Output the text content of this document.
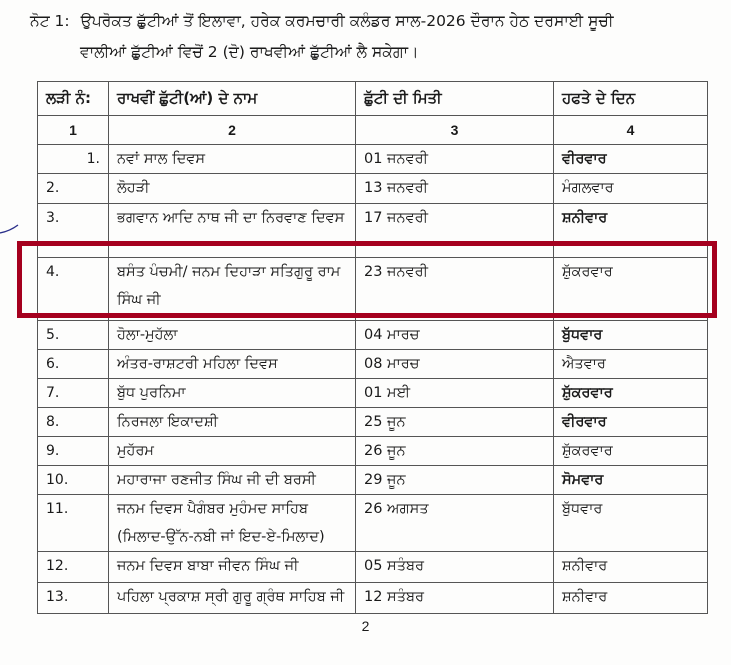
ਨੋਟ 1: ਉਪਰੋਕਤ ਛੁੱਟੀਆਂ ਤੋਂ ਇਲਾਵਾ, ਹਰੇਕ ਕਰਮਚਾਰੀ ਕਲੰਡਰ ਸਾਲ-2026 ਦੌਰਾਨ ਹੇਠ ਦਰਸਾਈ ਸੂਚੀ
ਵਾਲੀਆਂ ਛੁੱਟੀਆਂ ਵਿਚੋਂ 2 (ਦੋ) ਰਾਖਵੀਆਂ ਛੁੱਟੀਆਂ ਲੈ ਸਕੇਗਾ।
ਲੜੀ ਨੰ:	ਰਾਖਵੀਂ ਛੁੱਟੀ(ਆਂ) ਦੇ ਨਾਮ	ਛੁੱਟੀ ਦੀ ਮਿਤੀ	ਹਫਤੇ ਦੇ ਦਿਨ
1	2	3	4
1.	ਨਵਾਂ ਸਾਲ ਦਿਵਸ	01 ਜਨਵਰੀ	ਵੀਰਵਾਰ
2.	ਲੋਹੜੀ	13 ਜਨਵਰੀ	ਮੰਗਲਵਾਰ
3.	ਭਗਵਾਨ ਆਦਿ ਨਾਥ ਜੀ ਦਾ ਨਿਰਵਾਣ ਦਿਵਸ	17 ਜਨਵਰੀ	ਸ਼ਨੀਵਾਰ
4.	ਬਸੰਤ ਪੰਚਮੀ/ ਜਨਮ ਦਿਹਾੜਾ ਸਤਿਗੁਰੂ ਰਾਮ ਸਿੰਘ ਜੀ	23 ਜਨਵਰੀ	ਸ਼ੁੱਕਰਵਾਰ
5.	ਹੋਲਾ-ਮੁਹੱਲਾ	04 ਮਾਰਚ	ਬੁੱਧਵਾਰ
6.	ਅੰਤਰ-ਰਾਸ਼ਟਰੀ ਮਹਿਲਾ ਦਿਵਸ	08 ਮਾਰਚ	ਐਤਵਾਰ
7.	ਬੁੱਧ ਪੁਰਨਿਮਾ	01 ਮਈ	ਸ਼ੁੱਕਰਵਾਰ
8.	ਨਿਰਜਲਾ ਇਕਾਦਸ਼ੀ	25 ਜੂਨ	ਵੀਰਵਾਰ
9.	ਮੁਹੱਰਮ	26 ਜੂਨ	ਸ਼ੁੱਕਰਵਾਰ
10.	ਮਹਾਰਾਜਾ ਰਣਜੀਤ ਸਿੰਘ ਜੀ ਦੀ ਬਰਸੀ	29 ਜੂਨ	ਸੋਮਵਾਰ
11.	ਜਨਮ ਦਿਵਸ ਪੈਗੰਬਰ ਮੁਹੰਮਦ ਸਾਹਿਬ (ਮਿਲਾਦ-ਉੱਨ-ਨਬੀ ਜਾਂ ਇਦ-ਏ-ਮਿਲਾਦ)	26 ਅਗਸਤ	ਬੁੱਧਵਾਰ
12.	ਜਨਮ ਦਿਵਸ ਬਾਬਾ ਜੀਵਨ ਸਿੰਘ ਜੀ	05 ਸਤੰਬਰ	ਸ਼ਨੀਵਾਰ
13.	ਪਹਿਲਾ ਪ੍ਰਕਾਸ਼ ਸ੍ਰੀ ਗੁਰੂ ਗ੍ਰੰਥ ਸਾਹਿਬ ਜੀ	12 ਸਤੰਬਰ	ਸ਼ਨੀਵਾਰ
2
